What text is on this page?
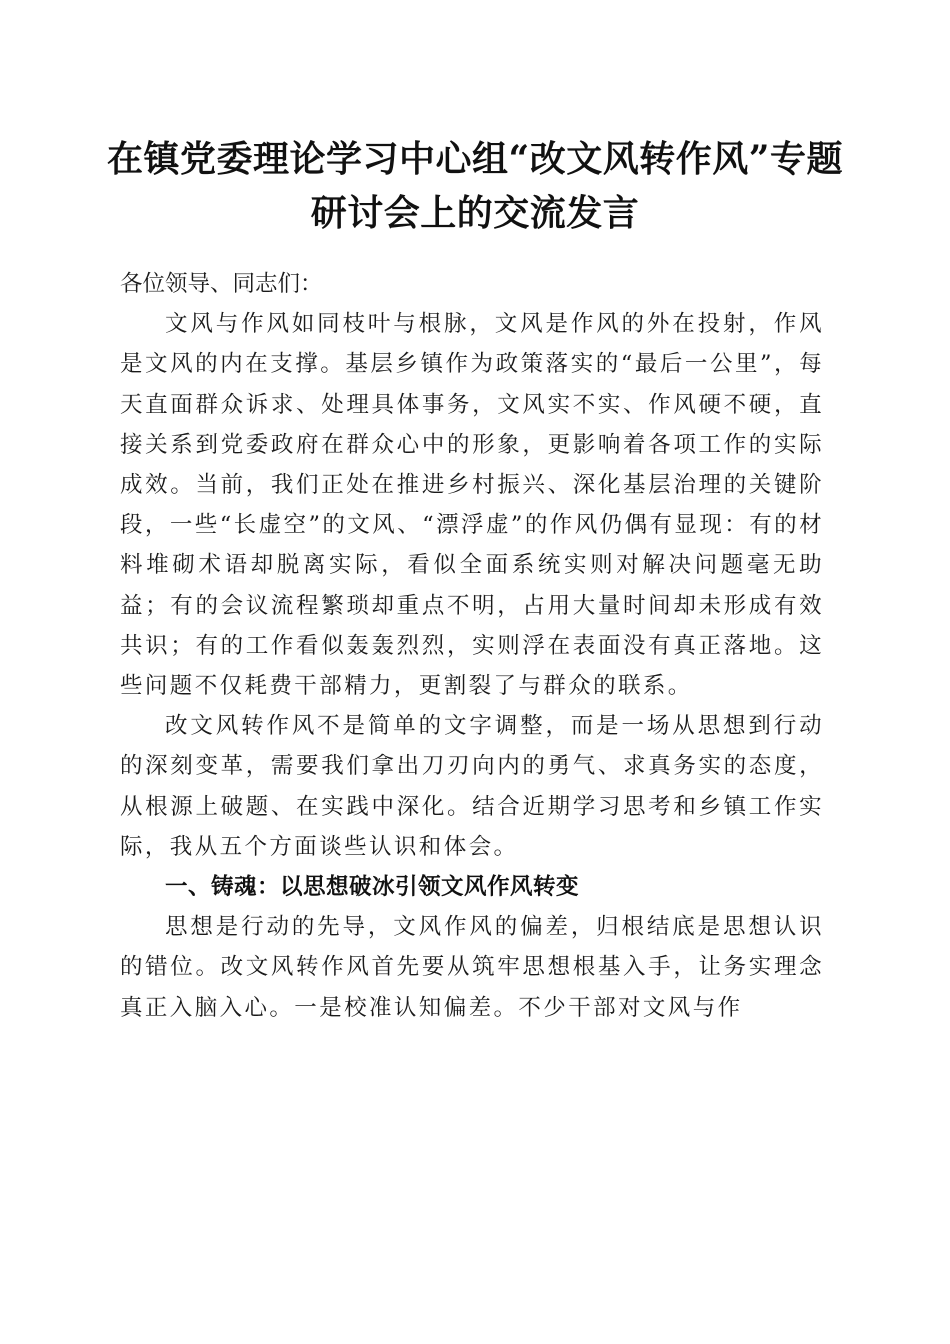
在镇党委理论学习中心组“改文风转作风”专题研讨会上的交流发言

各位领导、同志们：

文风与作风如同枝叶与根脉，文风是作风的外在投射，作风是文风的内在支撑。基层乡镇作为政策落实的“最后一公里”，每天直面群众诉求、处理具体事务，文风实不实、作风硬不硬，直接关系到党委政府在群众心中的形象，更影响着各项工作的实际成效。当前，我们正处在推进乡村振兴、深化基层治理的关键阶段，一些“长虚空”的文风、“漂浮虚”的作风仍偶有显现：有的材料堆砌术语却脱离实际，看似全面系统实则对解决问题毫无助益；有的会议流程繁琐却重点不明，占用大量时间却未形成有效共识；有的工作看似轰轰烈烈，实则浮在表面没有真正落地。这些问题不仅耗费干部精力，更割裂了与群众的联系。

改文风转作风不是简单的文字调整，而是一场从思想到行动的深刻变革，需要我们拿出刀刃向内的勇气、求真务实的态度，从根源上破题、在实践中深化。结合近期学习思考和乡镇工作实际，我从五个方面谈些认识和体会。

一、铸魂：以思想破冰引领文风作风转变

思想是行动的先导，文风作风的偏差，归根结底是思想认识的错位。改文风转作风首先要从筑牢思想根基入手，让务实理念真正入脑入心。一是校准认知偏差。不少干部对文风与作
